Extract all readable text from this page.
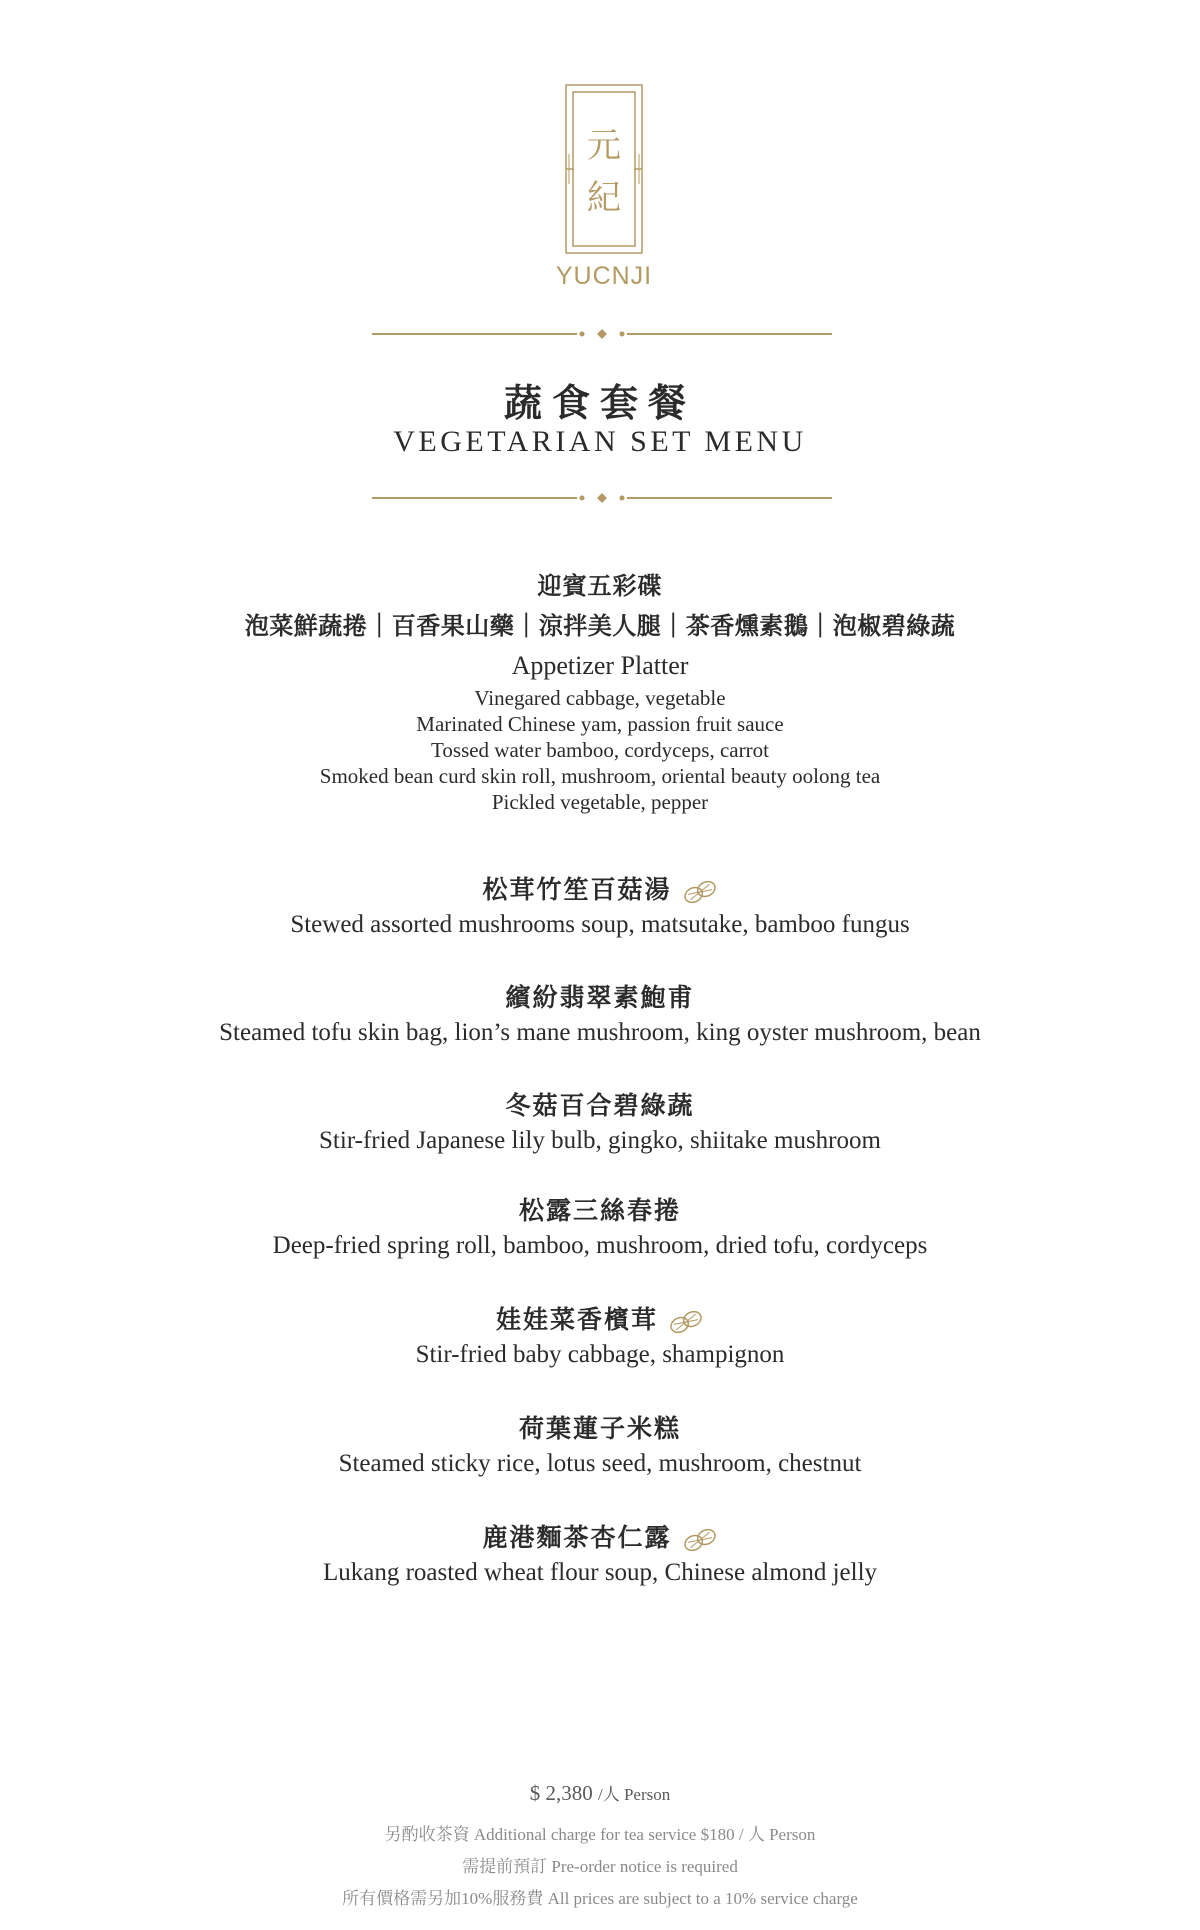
元
紀
YUCNJI
蔬食套餐
VEGETARIAN SET MENU
迎賓五彩碟
泡菜鮮蔬捲｜百香果山藥｜涼拌美人腿｜茶香燻素鵝｜泡椒碧綠蔬
Appetizer Platter
Vinegared cabbage, vegetable
Marinated Chinese yam, passion fruit sauce
Tossed water bamboo, cordyceps, carrot
Smoked bean curd skin roll, mushroom, oriental beauty oolong tea
Pickled vegetable, pepper
松茸竹笙百菇湯
Stewed assorted mushrooms soup, matsutake, bamboo fungus
繽紛翡翠素鮑甫
Steamed tofu skin bag, lion’s mane mushroom, king oyster mushroom, bean
冬菇百合碧綠蔬
Stir-fried Japanese lily bulb, gingko, shiitake mushroom
松露三絲春捲
Deep-fried spring roll, bamboo, mushroom, dried tofu, cordyceps
娃娃菜香檳茸
Stir-fried baby cabbage, shampignon
荷葉蓮子米糕
Steamed sticky rice, lotus seed, mushroom, chestnut
鹿港麵茶杏仁露
Lukang roasted wheat flour soup, Chinese almond jelly
$ 2,380 /人 Person
另酌收茶資 Additional charge for tea service $180 / 人 Person
需提前預訂 Pre-order notice is required
所有價格需另加10%服務費 All prices are subject to a 10% service charge
